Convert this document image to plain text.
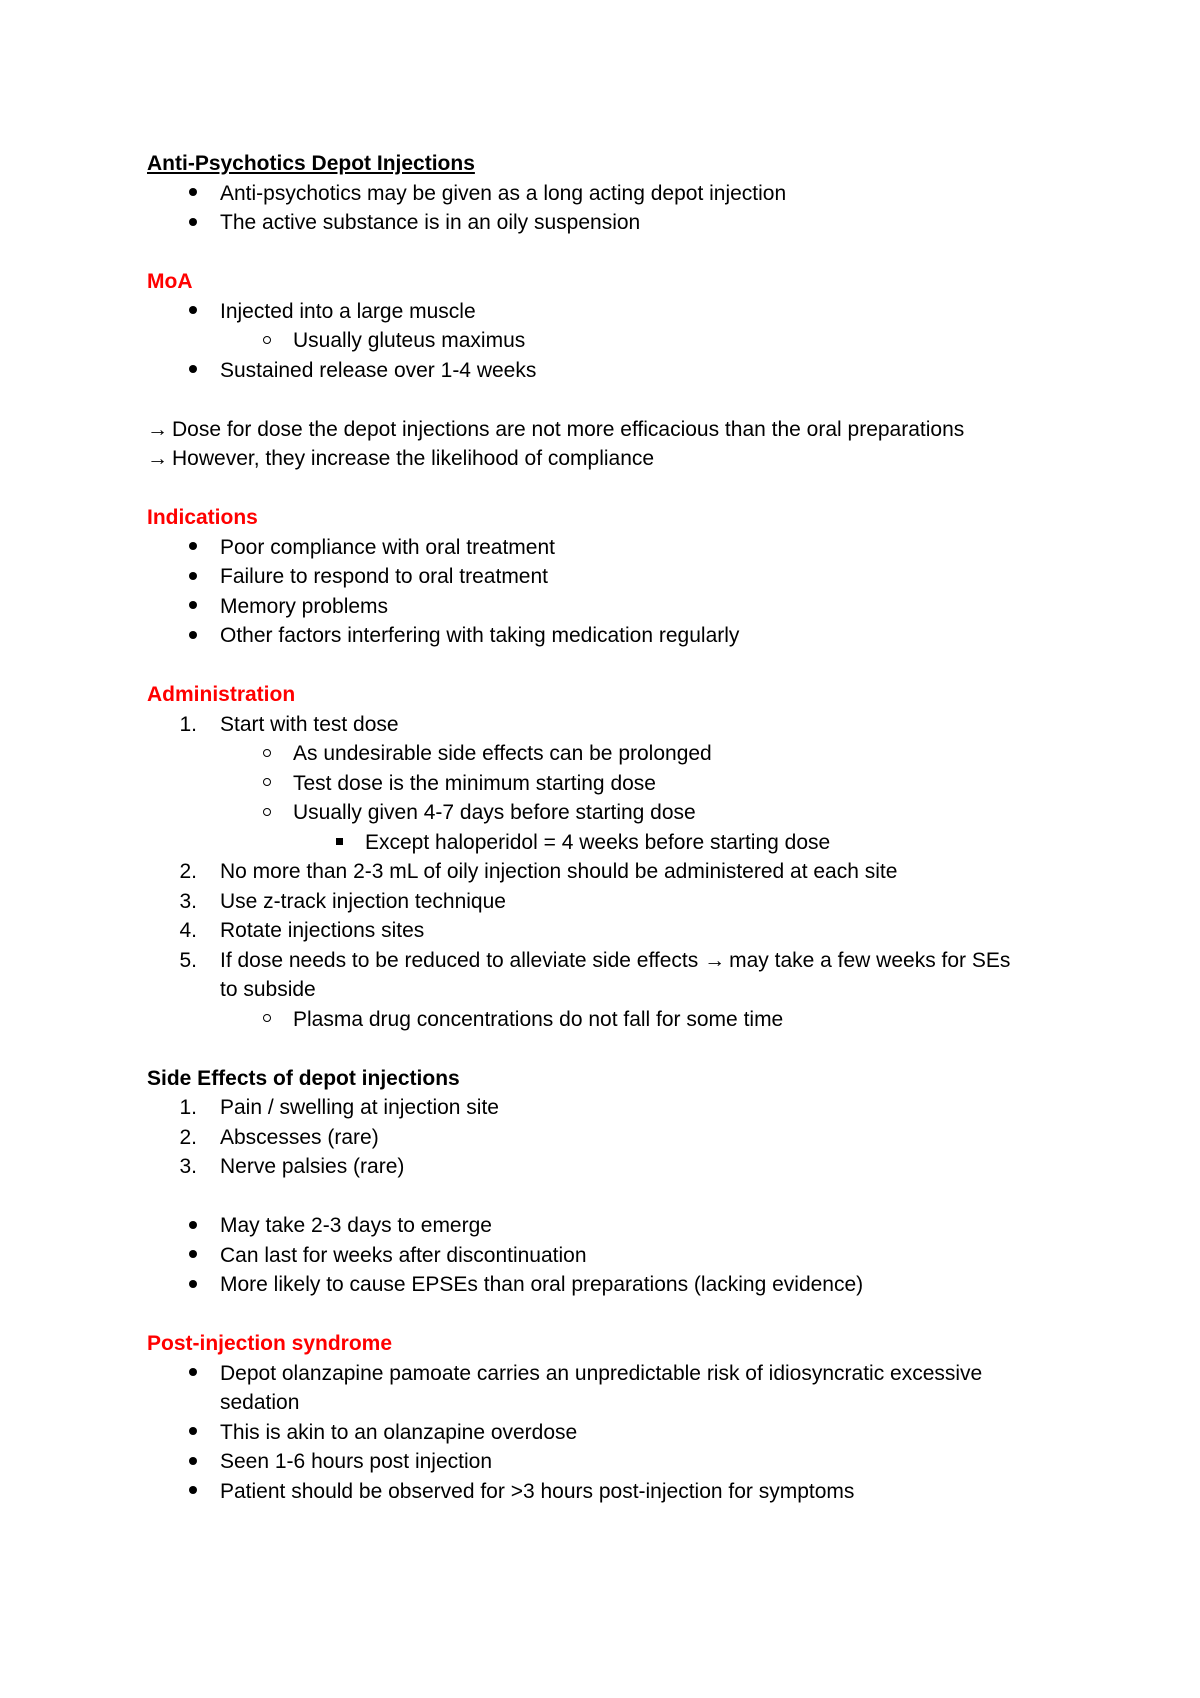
Anti-Psychotics Depot Injections
Anti-psychotics may be given as a long acting depot injection
The active substance is in an oily suspension
MoA
Injected into a large muscle
Usually gluteus maximus
Sustained release over 1-4 weeks
→ Dose for dose the depot injections are not more efficacious than the oral preparations
→ However, they increase the likelihood of compliance
Indications
Poor compliance with oral treatment
Failure to respond to oral treatment
Memory problems
Other factors interfering with taking medication regularly
Administration
1. Start with test dose
As undesirable side effects can be prolonged
Test dose is the minimum starting dose
Usually given 4-7 days before starting dose
Except haloperidol = 4 weeks before starting dose
2. No more than 2-3 mL of oily injection should be administered at each site
3. Use z-track injection technique
4. Rotate injections sites
5. If dose needs to be reduced to alleviate side effects → may take a few weeks for SEs
to subside
Plasma drug concentrations do not fall for some time
Side Effects of depot injections
1. Pain / swelling at injection site
2. Abscesses (rare)
3. Nerve palsies (rare)
May take 2-3 days to emerge
Can last for weeks after discontinuation
More likely to cause EPSEs than oral preparations (lacking evidence)
Post-injection syndrome
Depot olanzapine pamoate carries an unpredictable risk of idiosyncratic excessive
sedation
This is akin to an olanzapine overdose
Seen 1-6 hours post injection
Patient should be observed for >3 hours post-injection for symptoms
